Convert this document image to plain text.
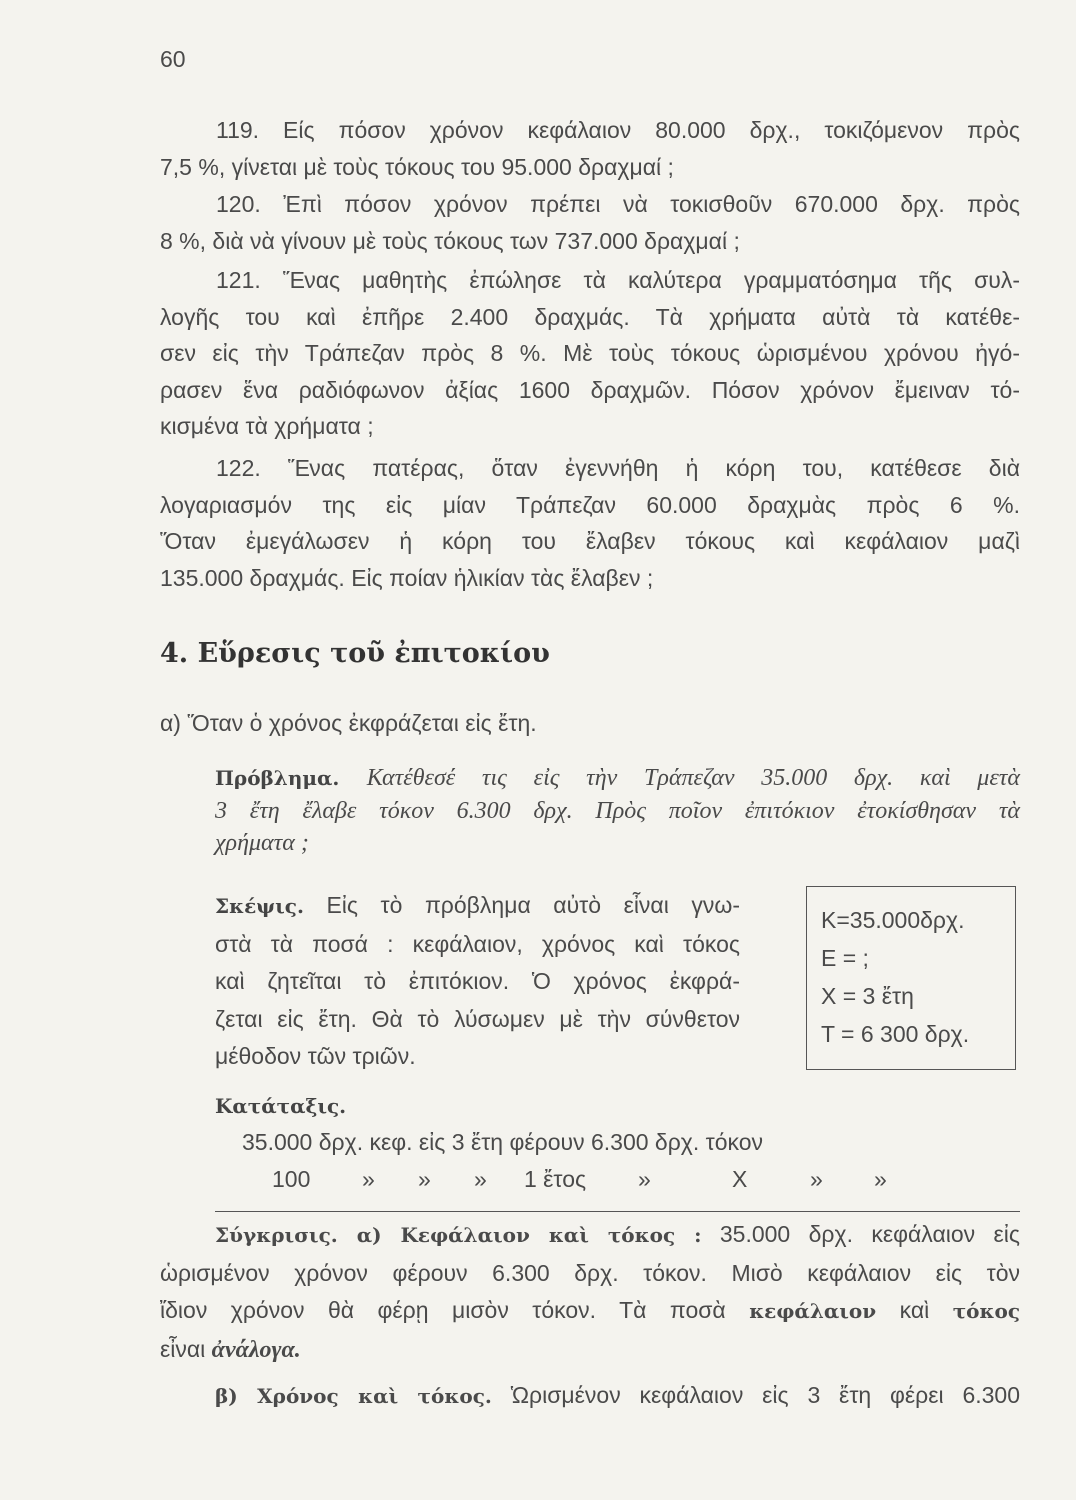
60

119. Είς πόσον χρόνον κεφάλαιον 80.000 δρχ., τοκιζόμενον πρὸς
7,5 %, γίνεται μὲ τοὺς τόκους του 95.000 δραχμαί ;

120. Ἐπὶ πόσον χρόνον πρέπει νὰ τοκισθοῦν 670.000 δρχ. πρὸς
8 %, διὰ νὰ γίνουν μὲ τοὺς τόκους των 737.000 δραχμαί ;

121. Ἕνας μαθητὴς ἐπώλησε τὰ καλύτερα γραμματόσημα τῆς συλ-
λογῆς του καὶ ἐπῆρε 2.400 δραχμάς. Τὰ χρήματα αὐτὰ τὰ κατέθε-
σεν εἰς τὴν Τράπεζαν πρὸς 8 %. Μὲ τοὺς τόκους ὡρισμένου χρόνου ἠγό-
ρασεν ἕνα ραδιόφωνον ἀξίας 1600 δραχμῶν. Πόσον χρόνον ἔμειναν τό-
κισμένα τὰ χρήματα ;

122. Ἕνας πατέρας, ὅταν ἐγεννήθη ἡ κόρη του, κατέθεσε διὰ
λογαριασμόν της εἰς μίαν Τράπεζαν 60.000 δραχμὰς πρὸς 6 %.
Ὅταν ἐμεγάλωσεν ἡ κόρη του ἔλαβεν τόκους καὶ κεφάλαιον μαζὶ
135.000 δραχμάς. Εἰς ποίαν ἡλικίαν τὰς ἔλαβεν ;

4. Εὕρεσις τοῦ ἐπιτοκίου
α) Ὅταν ὁ χρόνος ἐκφράζεται εἰς ἔτη.
Πρόβλημα. Κατέθεσέ τις εἰς τὴν Τράπεζαν 35.000 δρχ. καὶ μετὰ
3 ἔτη ἔλαβε τόκον 6.300 δρχ. Πρὸς ποῖον ἐπιτόκιον ἐτοκίσθησαν τὰ
χρήματα ;
Σκέψις. Εἰς τὸ πρόβλημα αὐτὸ εἶναι γνω-
στὰ τὰ ποσά : κεφάλαιον, χρόνος καὶ τόκος
καὶ ζητεῖται τὸ ἐπιτόκιον. Ὁ χρόνος ἐκφρά-
ζεται εἰς ἔτη. Θὰ τὸ λύσωμεν μὲ τὴν σύνθετον
μέθοδον τῶν τριῶν.
K=35.000δρχ.
E = ;
X = 3 ἔτη
T = 6 300 δρχ.
Κατάταξις.
35.000 δρχ. κεφ. εἰς 3 ἔτη φέρουν 6.300 δρχ. τόκον
100 » » » 1 ἔτος »	X	» »
Σύγκρισις. α) Κεφάλαιον καὶ τόκος : 35.000 δρχ. κεφάλαιον εἰς
ὡρισμένον χρόνον φέρουν 6.300 δρχ. τόκον. Μισὸ κεφάλαιον εἰς τὸν
ἴδιον χρόνον θὰ φέρῃ μισὸν τόκον. Τὰ ποσὰ κεφάλαιον καὶ τόκος
εἶναι ἀνάλογα.
β) Χρόνος καὶ τόκος. Ὡρισμένον κεφάλαιον εἰς 3 ἔτη φέρει 6.300
